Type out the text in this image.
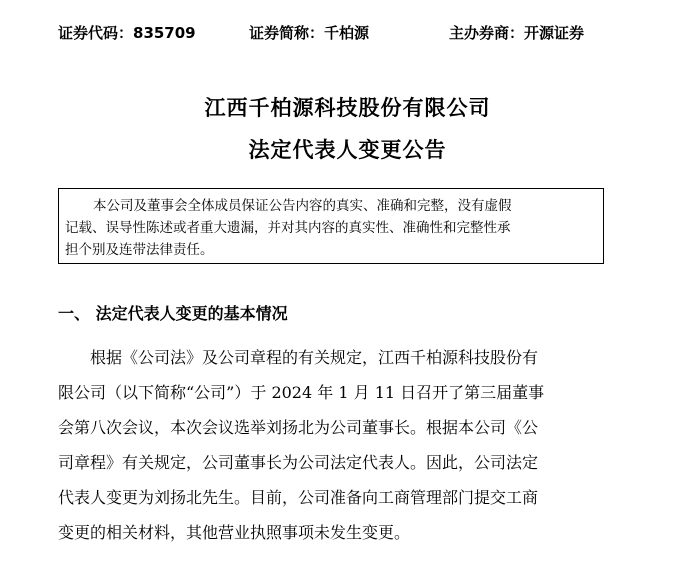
证券代码：835709	证券简称：千柏源	主办券商：开源证券
江西千柏源科技股份有限公司
法定代表人变更公告
本公司及董事会全体成员保证公告内容的真实、准确和完整，没有虚假
记载、误导性陈述或者重大遗漏，并对其内容的真实性、准确性和完整性承
担个别及连带法律责任。
一、 法定代表人变更的基本情况
根据《公司法》及公司章程的有关规定，江西千柏源科技股份有
限公司（以下简称“公司”）于 2024 年 1 月 11 日召开了第三届董事
会第八次会议，本次会议选举刘扬北为公司董事长。根据本公司《公
司章程》有关规定，公司董事长为公司法定代表人。因此，公司法定
代表人变更为刘扬北先生。目前，公司准备向工商管理部门提交工商
变更的相关材料，其他营业执照事项未发生变更。
